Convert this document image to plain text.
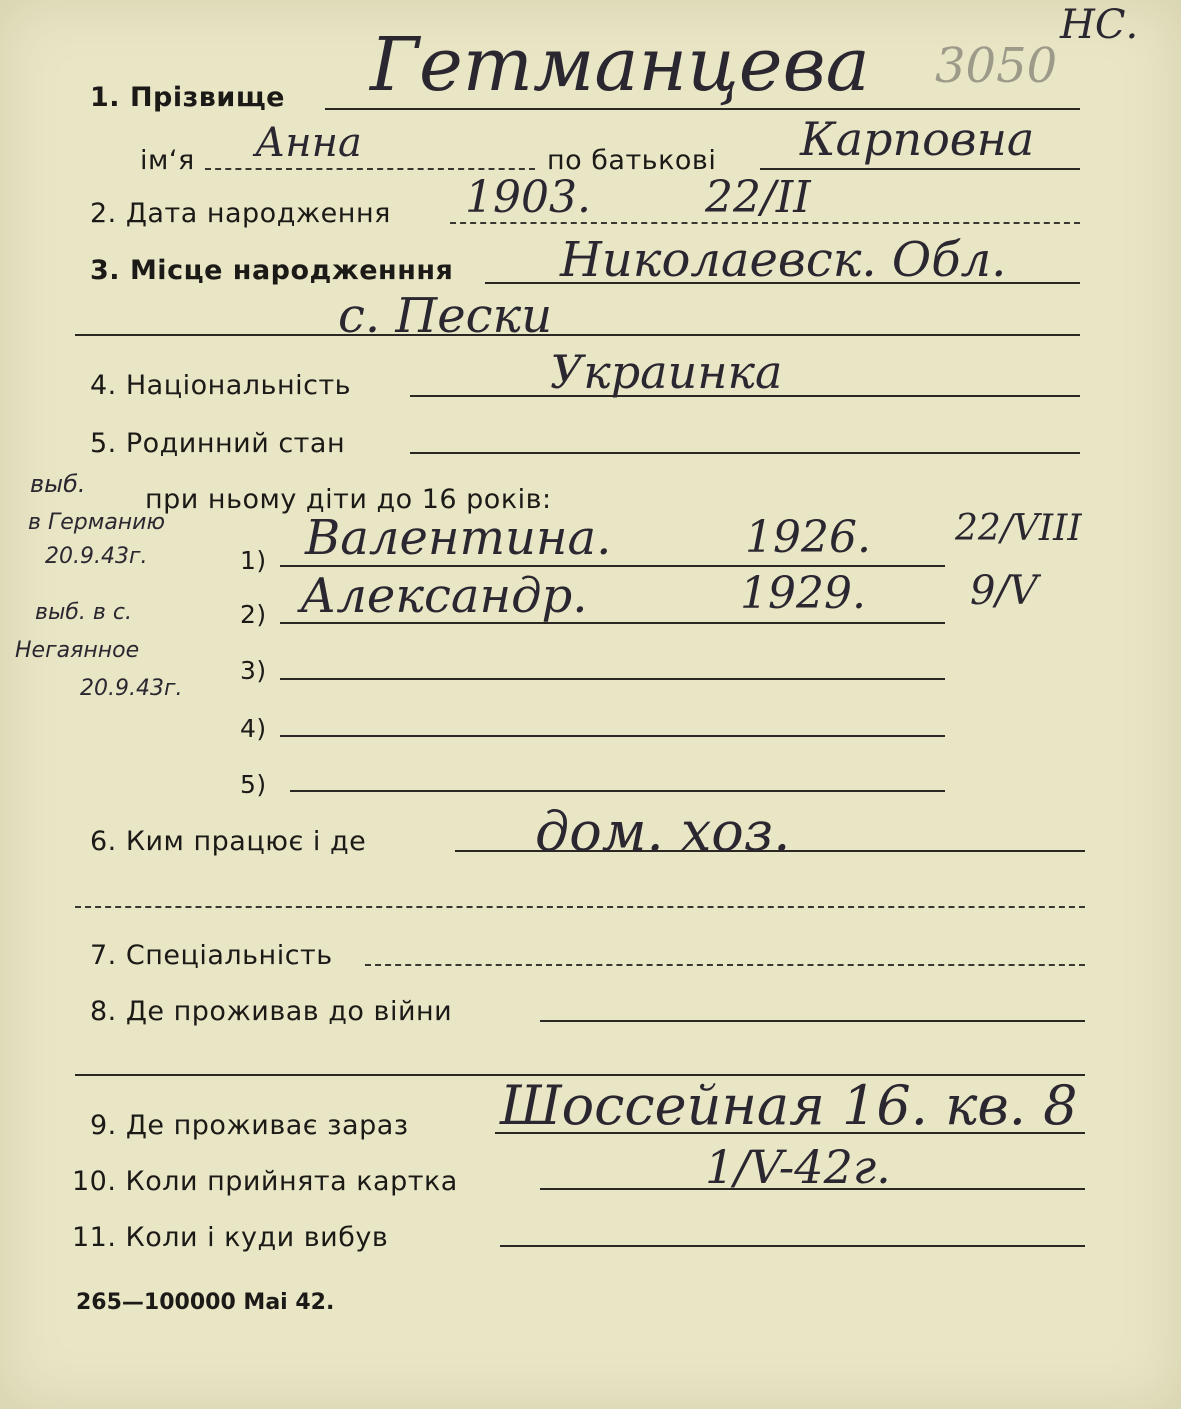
3050
НС.
1. Прізвище Гетманцева
ім‘я Анна	по батькові Карповна
2. Дата народження 1903.	22/II
3. Місце народженння Николаевск. Обл.
с. Пески
4. Національність	Украинка
5. Родинний стан
при ньому діти до 16 років:
1) Валентина.	1926. 22/VIII
2) Александр.	1929.	9/V
3)
4)
5)
выб.
в Германию
20.9.43г.
выб. в с.
Негаянное
20.9.43г.
6. Ким працює і де	дом. хоз.
7. Спеціальність
8. Де проживав до війни
9. Де проживає зараз Шоссейная 16. кв. 8
10. Коли прийнята картка	1/V-42г.
11. Коли і куди вибув
265—100000 Mai 42.
